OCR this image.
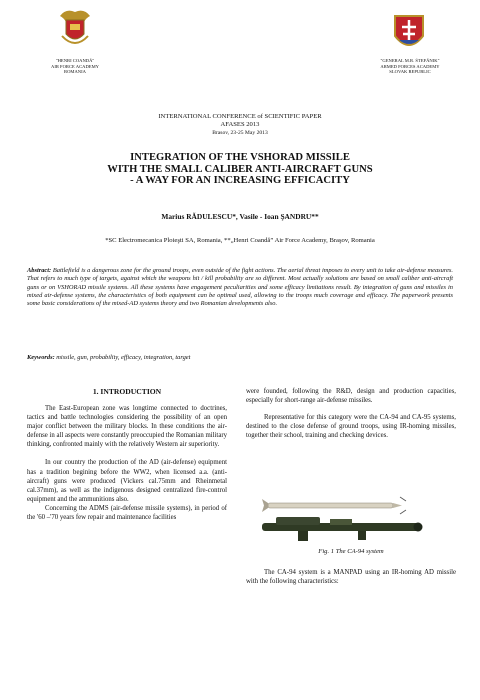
"HENRI COANDĂ"
AIR FORCE ACADEMY
ROMANIA
"GENERAL M.R. ŠTEFÁNIK"
ARMED FORCES ACADEMY
SLOVAK REPUBLIC
INTERNATIONAL CONFERENCE of SCIENTIFIC PAPER
AFASES 2013
Brasov, 23-25 May 2013
INTEGRATION OF THE VSHORAD MISSILE
WITH THE SMALL CALIBER ANTI-AIRCRAFT GUNS
- A WAY FOR AN INCREASING EFFICACITY
Marius RĂDULESCU*, Vasile - Ioan ŞANDRU**
*SC Electromecanica Ploieşti SA, Romania, **„Henri Coandă” Air Force Academy, Braşov, Romania
Abstract: Battlefield is a dangerous zone for the ground troops, even outside of the fight actions. The aerial threat imposes to every unit to take air-defense measures. That refers to much type of targets, against which the weapons hit / kill probability are so different. Most actually solutions are based on small caliber anti-aircraft guns or on VSHORAD missile systems. All these systems have engagement peculiarities and some efficacy limitations result. By integration of guns and missiles in mixed air-defense systems, the characteristics of both equipment can be optimal used, allowing to the troops much coverage and efficacy. The paperwork presents some basic considerations of the mixed-AD systems theory and two Romanian developments also.
Keywords: missile, gun, probability, efficacy, integration, target
1. INTRODUCTION

The East-European zone was longtime connected to doctrines, tactics and battle technologies considering the possibility of an open major conflict between the military blocks. In these conditions the air-defense in all aspects were constantly preoccupied the Romanian military thinking, confronted mainly with the relatively Western air superiority.

In our country the production of the AD (air-defense) equipment has a tradition begining before the WW2, when licensed a.a. (anti-aircraft) guns were produced (Vickers cal.75mm and Rheinmetal cal.37mm), as well as the indigenous designed centralized fire-control equipment and the ammunitions also.

Concerning the ADMS (air-defense missile systems), in period of the '60 –'70 years few repair and maintenance facilities

were founded, following the R&D, design and production capacities, especially for short-range air-defense missiles.

Representative for this category were the CA-94 and CA-95 systems, destined to the close defense of ground troops, using IR-homing missiles, together their school, training and checking devices.

Fig. 1 The CA-94 system

The CA-94 system is a MANPAD using an IR-homing AD missile with the following characteristics:
